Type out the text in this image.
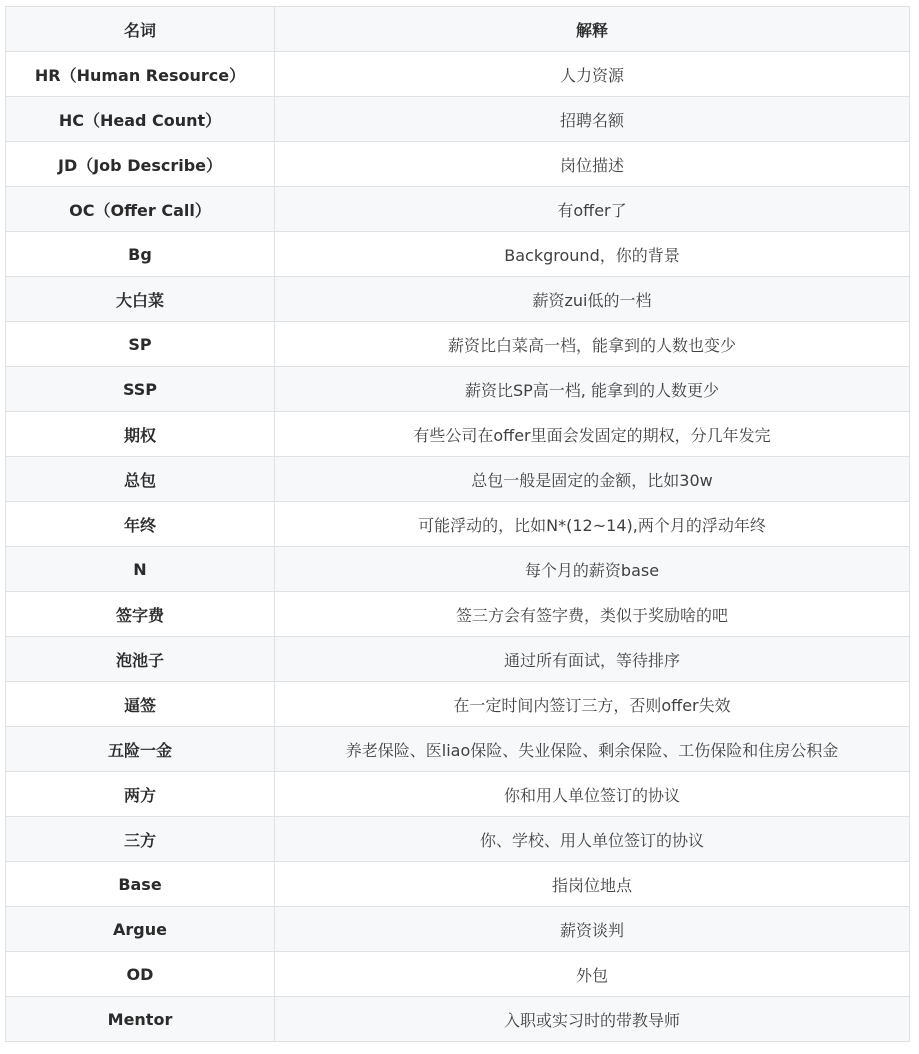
名词	解释
HR（Human Resource）	人力资源
HC（Head Count）	招聘名额
JD（Job Describe）	岗位描述
OC（Offer Call）	有offer了
Bg	Background，你的背景
大白菜	薪资zui低的一档
SP	薪资比白菜高一档，能拿到的人数也变少
SSP	薪资比SP高一档, 能拿到的人数更少
期权	有些公司在offer里面会发固定的期权，分几年发完
总包	总包一般是固定的金额，比如30w
年终	可能浮动的，比如N*(12~14),两个月的浮动年终
N	每个月的薪资base
签字费	签三方会有签字费，类似于奖励啥的吧
泡池子	通过所有面试，等待排序
逼签	在一定时间内签订三方，否则offer失效
五险一金	养老保险、医liao保险、失业保险、剩余保险、工伤保险和住房公积金
两方	你和用人单位签订的协议
三方	你、学校、用人单位签订的协议
Base	指岗位地点
Argue	薪资谈判
OD	外包
Mentor	入职或实习时的带教导师
